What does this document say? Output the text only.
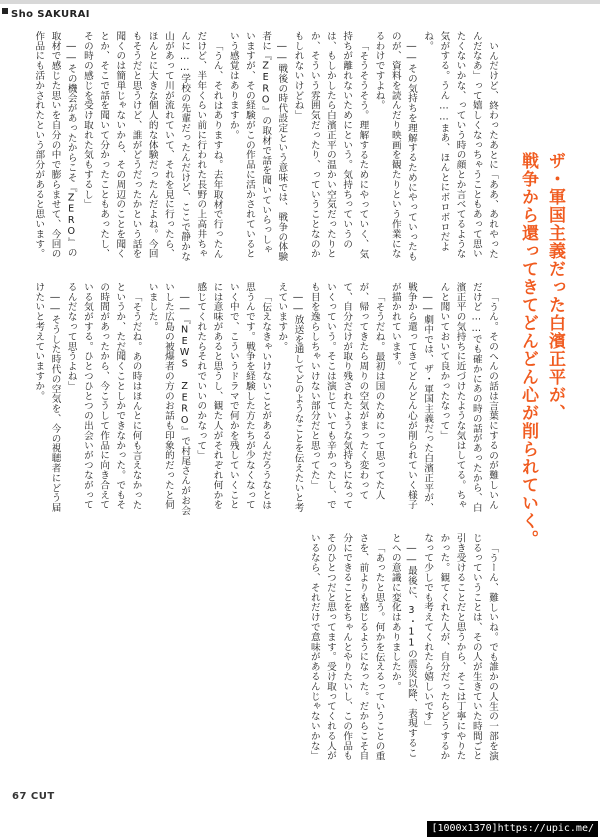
Sho SAKURAI

いんだけど、終わったあとに「ああ、あれやったんだなあ」って嬉しくなっちゃうこともあって思いたくないかな、っていう時の顔とか言べてるような気がする。うん……まあ、ほんとにボロボロだよね。

――その気持ちを理解するためにやっていったものが、資料を読んだり映画を観たりという作業になるわけですよね。

「そうそうそう。理解するためにやっていく、気持ちが離れないためにという。気持ちっていうのは、もしかしたら白濱正平の温かい空気だったりとか、そういう雰囲気だったり、っていうことなのかもしれないけどね」

――戦後の時代設定という意味では、戦争の体験者に『ZERO』の取材で話を聞いていらっしゃいますが、その経験がこの作品に活かされているという感覚はありますか。

「うん、それはありますね。去年取材で行ったんだけど、半年くらい前に行われた長野の上高井ちゃんに……学校の先輩だったんだけど、ここで静かな山があって川が流れていて、それを見に行ったら、ほんとに大きな個人的な体験だったんだよね。今回もそうだと思うけど、誰がどうだったかという話を聞くのは簡単じゃないから、その周辺のことを聞くとか、そこで話を聞いて分かったこともあったし、その時の感じを受け取れた気もするし」

――その機会があったからこそ『ZERO』の取材で感じた思いを自分の中で膨らませて、今回の作品にも活かされたという部分があると思います。

「うん。そのへんの話は言葉にするのが難しいんだけど……でも確かにあの時の話があったから、白濱正平の気持ちに近づけたような気はしてる。ちゃんと聞いておいて良かったなって」

――劇中では、ザ・軍国主義だった白濱正平が、戦争から還ってきてどんどん心が削られていく様子が描かれています。

「そうだね。最初は国のためにって思ってた人が、帰ってきたら周りの空気がまったく変わってて、自分だけが取り残されたような気持ちになっていくっていう。そこは演じていても辛かったし、でも目を逸らしちゃいけない部分だと思ってた」

――放送を通してどのようなことを伝えたいと考えていますか。

「伝えなきゃいけないことがあるんだろうなとは思うんです。戦争を経験した方たちが少なくなっていく中で、こういうドラマで何かを残していくことには意味があると思うし、観た人がそれぞれ何かを感じてくれたらそれでいいのかなって」

――『NEWS ZERO』で村尾さんがお会いした広島の被爆者の方のお話も印象的だったと伺いました。

「そうだね。あの時はほんとに何も言えなかったというか、ただ聞くことしかできなかった。でもその時間があったから、今こうして作品に向き合えている気がする。ひとつひとつの出会いがつながってるんだなって思うよね」

――そうした時代の空気を、今の視聴者にどう届けたいと考えていますか。

「うーん、難しいね。でも誰かの人生の一部を演じるっていうことは、その人が生きていた時間ごと引き受けることだと思うから、そこは丁寧にやりたかった。観てくれた人が、自分だったらどうするかなって少しでも考えてくれたら嬉しいです」

――最後に、3・11の震災以降、表現することへの意識に変化はありましたか。

「あったと思う。何かを伝えるっていうことの重さを、前よりも感じるようになった。だからこそ自分にできることをちゃんとやりたいし、この作品もそのひとつだと思ってます。受け取ってくれる人がいるなら、それだけで意味があるんじゃないかな」

ザ・軍国主義だった白濱正平が、
戦争から還ってきてどんどん心が削られていく。
67 CUT
[1000x1370]https://upic.me/
